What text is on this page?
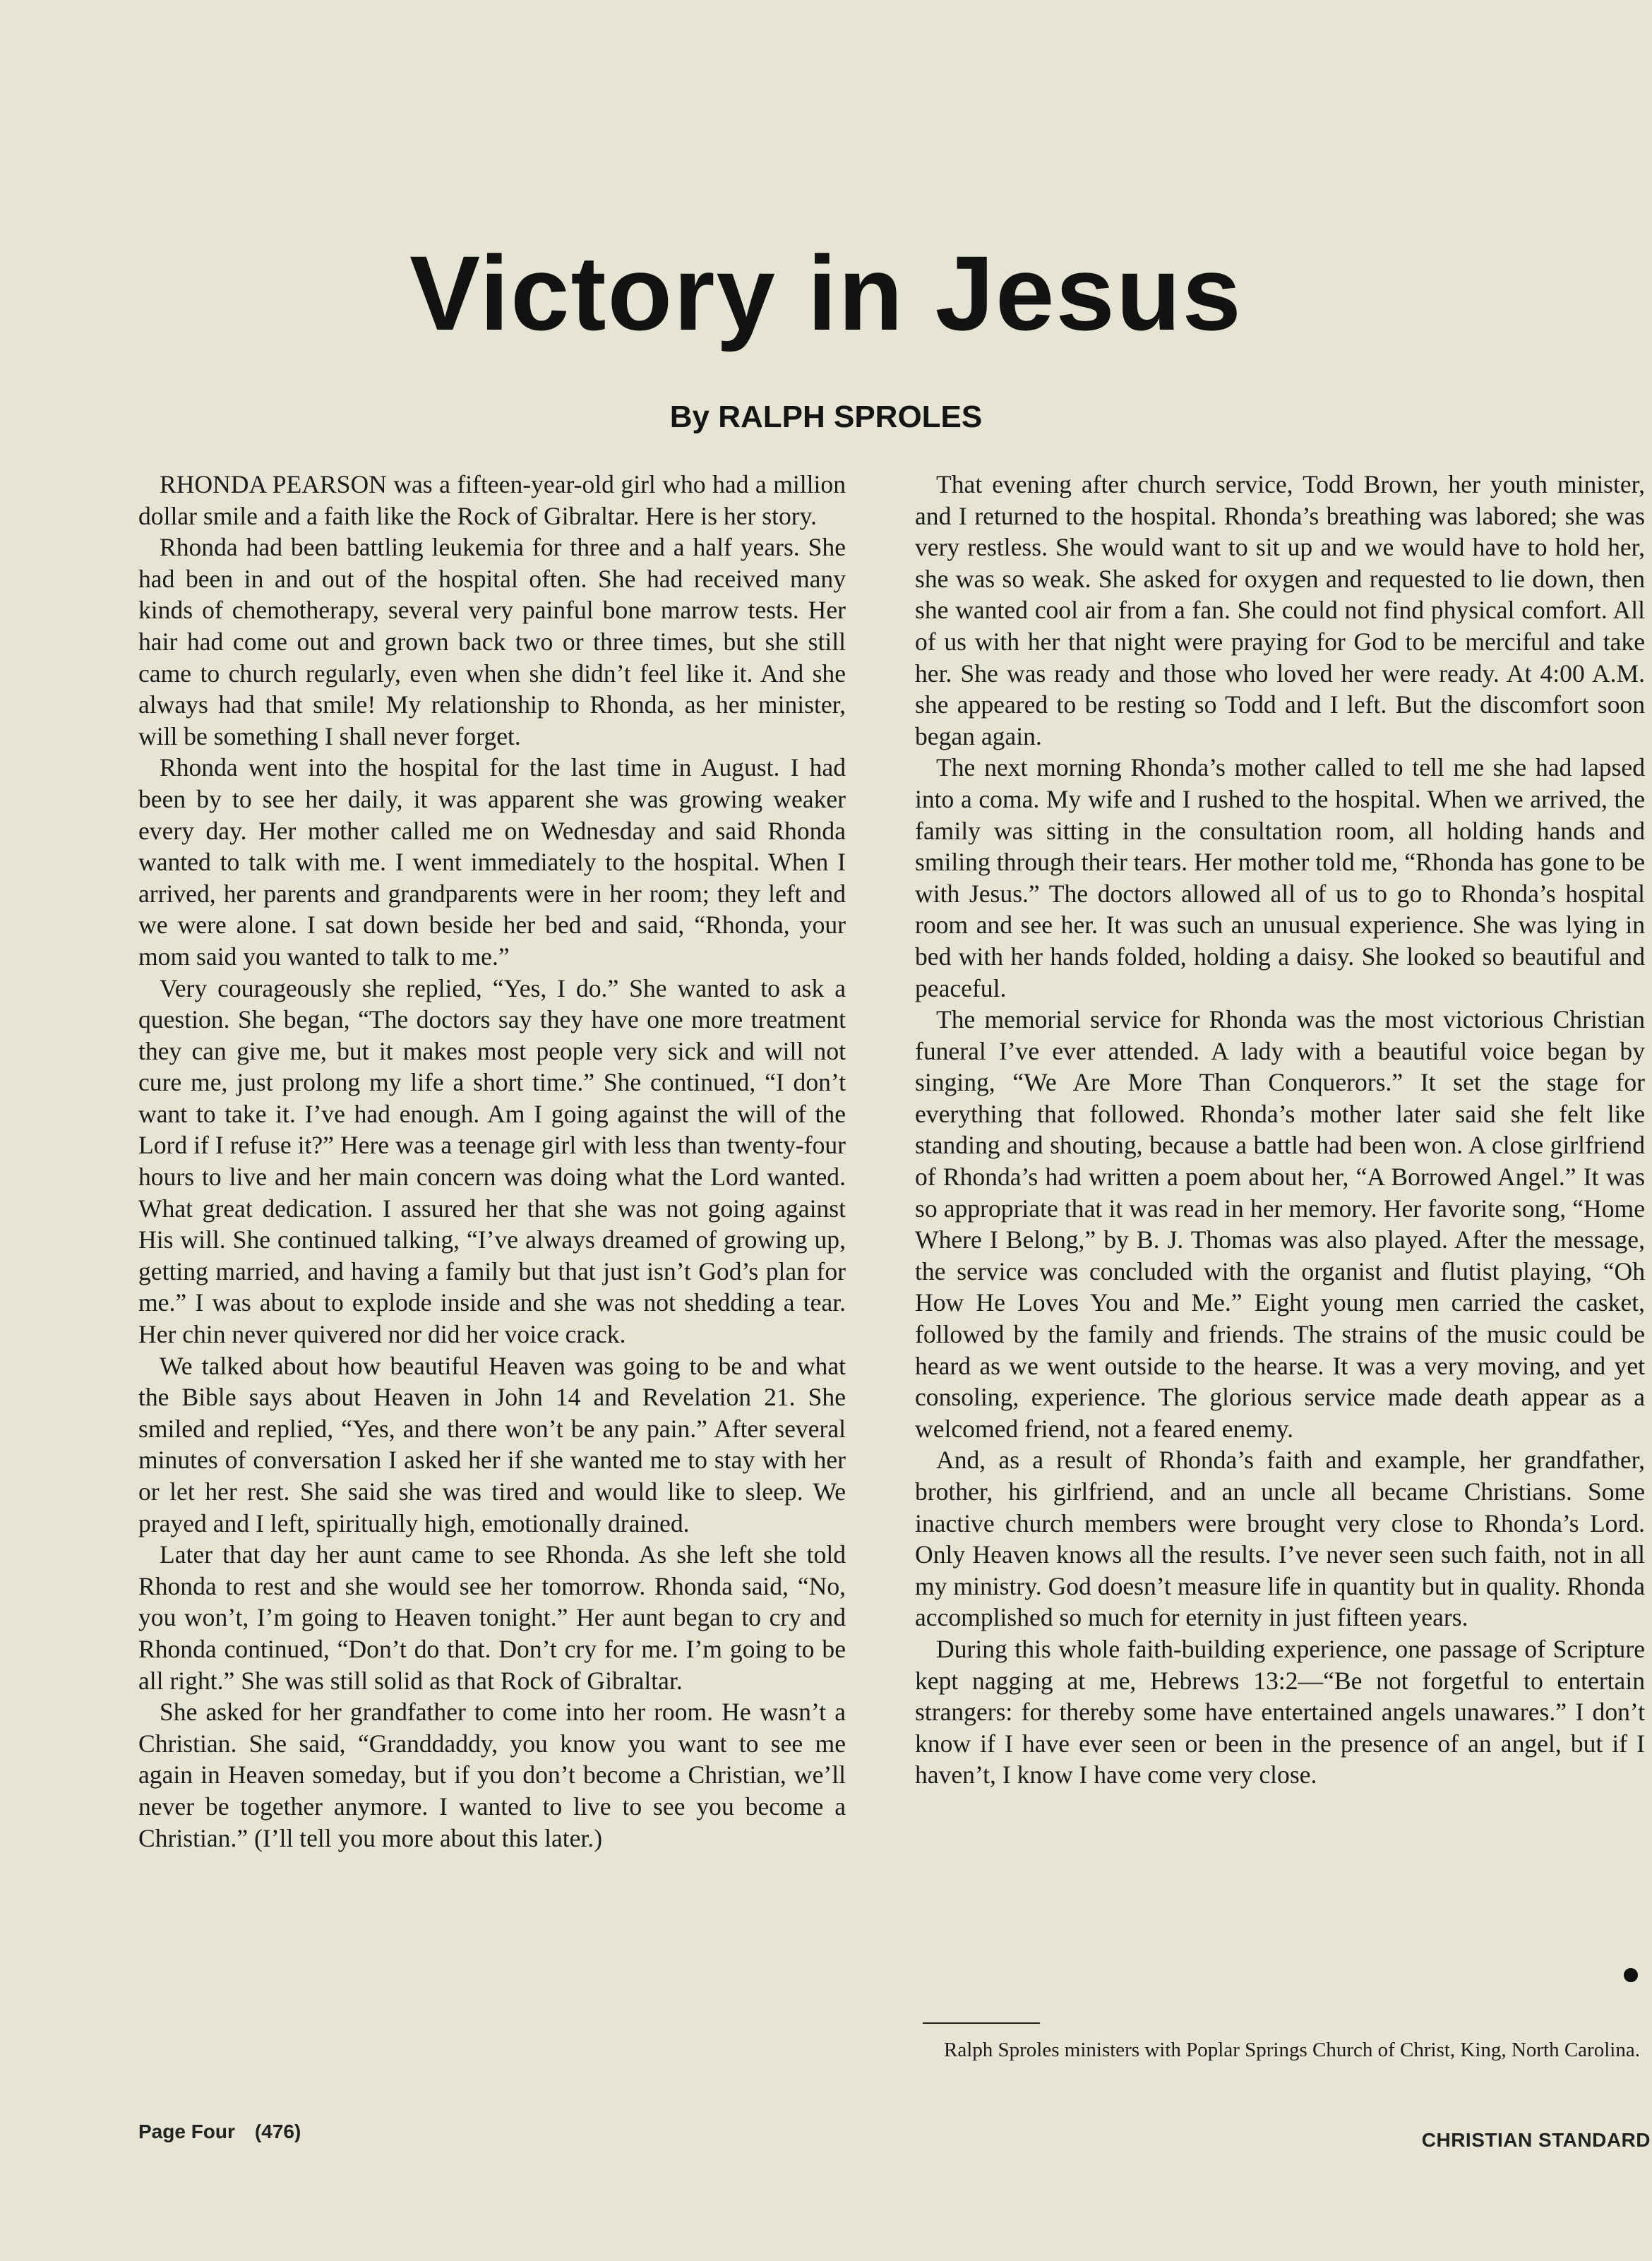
Victory in Jesus
By RALPH SPROLES

RHONDA PEARSON was a fifteen-year-old girl who had a million dollar smile and a faith like the Rock of Gibraltar. Here is her story.

Rhonda had been battling leukemia for three and a half years. She had been in and out of the hospital often. She had received many kinds of chemotherapy, several very painful bone marrow tests. Her hair had come out and grown back two or three times, but she still came to church regularly, even when she didn’t feel like it. And she always had that smile! My relationship to Rhonda, as her minister, will be something I shall never forget.

Rhonda went into the hospital for the last time in August. I had been by to see her daily, it was apparent she was growing weaker every day. Her mother called me on Wednesday and said Rhonda wanted to talk with me. I went immediately to the hospital. When I arrived, her parents and grandparents were in her room; they left and we were alone. I sat down beside her bed and said, “Rhonda, your mom said you wanted to talk to me.”

Very courageously she replied, “Yes, I do.” She wanted to ask a question. She began, “The doctors say they have one more treatment they can give me, but it makes most people very sick and will not cure me, just prolong my life a short time.” She continued, “I don’t want to take it. I’ve had enough. Am I going against the will of the Lord if I refuse it?” Here was a teenage girl with less than twenty-four hours to live and her main concern was doing what the Lord wanted. What great dedication. I assured her that she was not going against His will. She continued talking, “I’ve always dreamed of growing up, getting married, and having a family but that just isn’t God’s plan for me.” I was about to explode inside and she was not shedding a tear. Her chin never quivered nor did her voice crack.

We talked about how beautiful Heaven was going to be and what the Bible says about Heaven in John 14 and Revelation 21. She smiled and replied, “Yes, and there won’t be any pain.” After several minutes of conversation I asked her if she wanted me to stay with her or let her rest. She said she was tired and would like to sleep. We prayed and I left, spiritually high, emotionally drained.

Later that day her aunt came to see Rhonda. As she left she told Rhonda to rest and she would see her tomorrow. Rhonda said, “No, you won’t, I’m going to Heaven tonight.” Her aunt began to cry and Rhonda continued, “Don’t do that. Don’t cry for me. I’m going to be all right.” She was still solid as that Rock of Gibraltar.

She asked for her grandfather to come into her room. He wasn’t a Christian. She said, “Granddaddy, you know you want to see me again in Heaven someday, but if you don’t become a Christian, we’ll never be together anymore. I wanted to live to see you become a Christian.” (I’ll tell you more about this later.)

That evening after church service, Todd Brown, her youth minister, and I returned to the hospital. Rhonda’s breathing was labored; she was very restless. She would want to sit up and we would have to hold her, she was so weak. She asked for oxygen and requested to lie down, then she wanted cool air from a fan. She could not find physical comfort. All of us with her that night were praying for God to be merciful and take her. She was ready and those who loved her were ready. At 4:00 A.M. she appeared to be resting so Todd and I left. But the discomfort soon began again.

The next morning Rhonda’s mother called to tell me she had lapsed into a coma. My wife and I rushed to the hospital. When we arrived, the family was sitting in the consultation room, all holding hands and smiling through their tears. Her mother told me, “Rhonda has gone to be with Jesus.” The doctors allowed all of us to go to Rhonda’s hospital room and see her. It was such an unusual experience. She was lying in bed with her hands folded, holding a daisy. She looked so beautiful and peaceful.

The memorial service for Rhonda was the most victorious Christian funeral I’ve ever attended. A lady with a beautiful voice began by singing, “We Are More Than Conquerors.” It set the stage for everything that followed. Rhonda’s mother later said she felt like standing and shouting, because a battle had been won. A close girlfriend of Rhonda’s had written a poem about her, “A Borrowed Angel.” It was so appropriate that it was read in her memory. Her favorite song, “Home Where I Belong,” by B. J. Thomas was also played. After the message, the service was concluded with the organist and flutist playing, “Oh How He Loves You and Me.” Eight young men carried the casket, followed by the family and friends. The strains of the music could be heard as we went outside to the hearse. It was a very moving, and yet consoling, experience. The glorious service made death appear as a welcomed friend, not a feared enemy.

And, as a result of Rhonda’s faith and example, her grandfather, brother, his girlfriend, and an uncle all became Christians. Some inactive church members were brought very close to Rhonda’s Lord. Only Heaven knows all the results. I’ve never seen such faith, not in all my ministry. God doesn’t measure life in quantity but in quality. Rhonda accomplished so much for eternity in just fifteen years.

During this whole faith-building experience, one passage of Scripture kept nagging at me, Hebrews 13:2—“Be not forgetful to entertain strangers: for thereby some have entertained angels unawares.” I don’t know if I have ever seen or been in the presence of an angel, but if I haven’t, I know I have come very close.

Ralph Sproles ministers with Poplar Springs Church of Christ, King, North Carolina.
Page Four (476)	CHRISTIAN STANDARD
